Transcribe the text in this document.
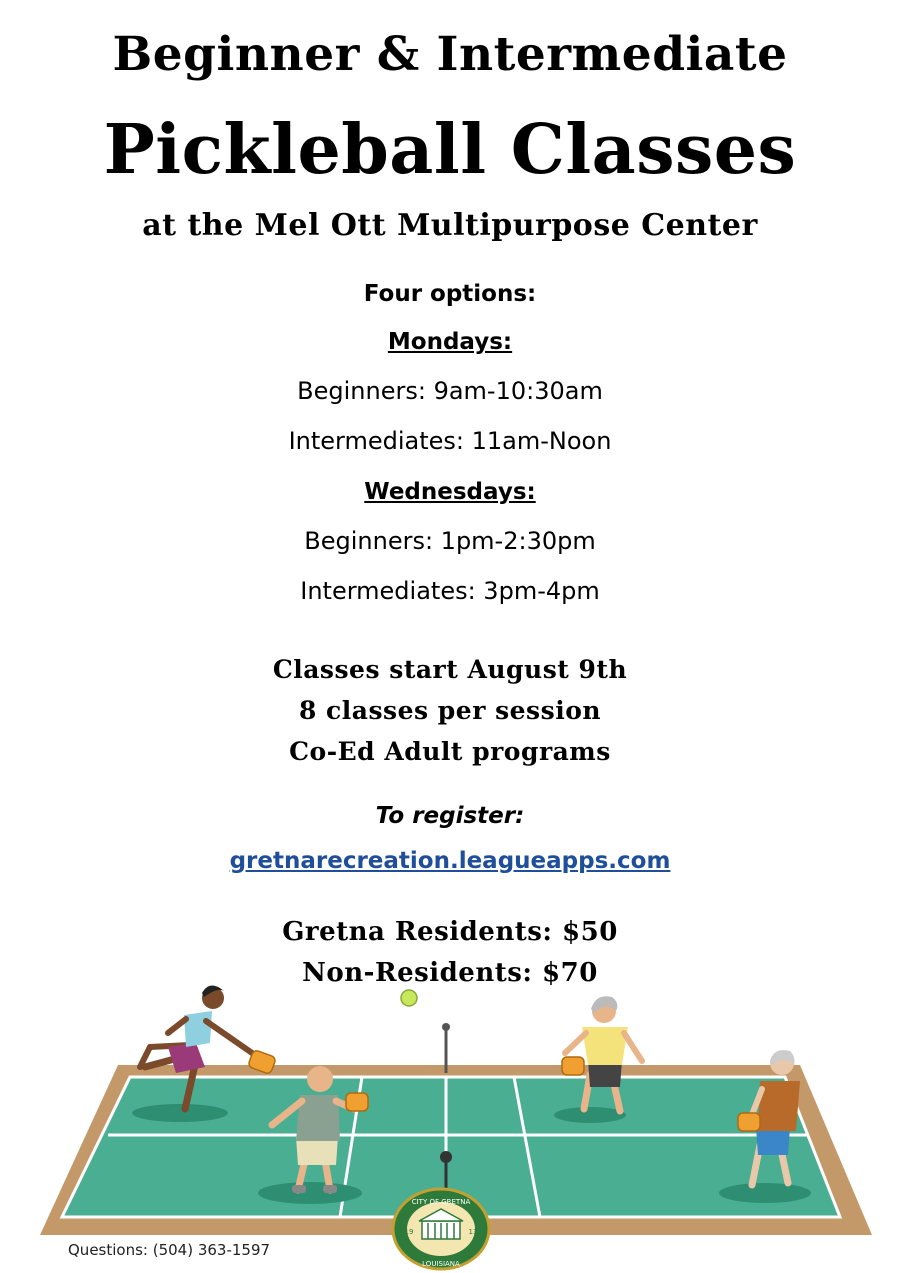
Beginner & Intermediate
Pickleball Classes
at the Mel Ott Multipurpose Center
Four options:
Mondays:
Beginners: 9am-10:30am
Intermediates: 11am-Noon
Wednesdays:
Beginners: 1pm-2:30pm
Intermediates: 3pm-4pm
Classes start August 9th
8 classes per session
Co-Ed Adult programs
To register:
gretnarecreation.leagueapps.com
Gretna Residents: $50
Non-Residents: $70
CITY OF GRETNA
LOUISIANA
19	13
Questions: (504) 363-1597
